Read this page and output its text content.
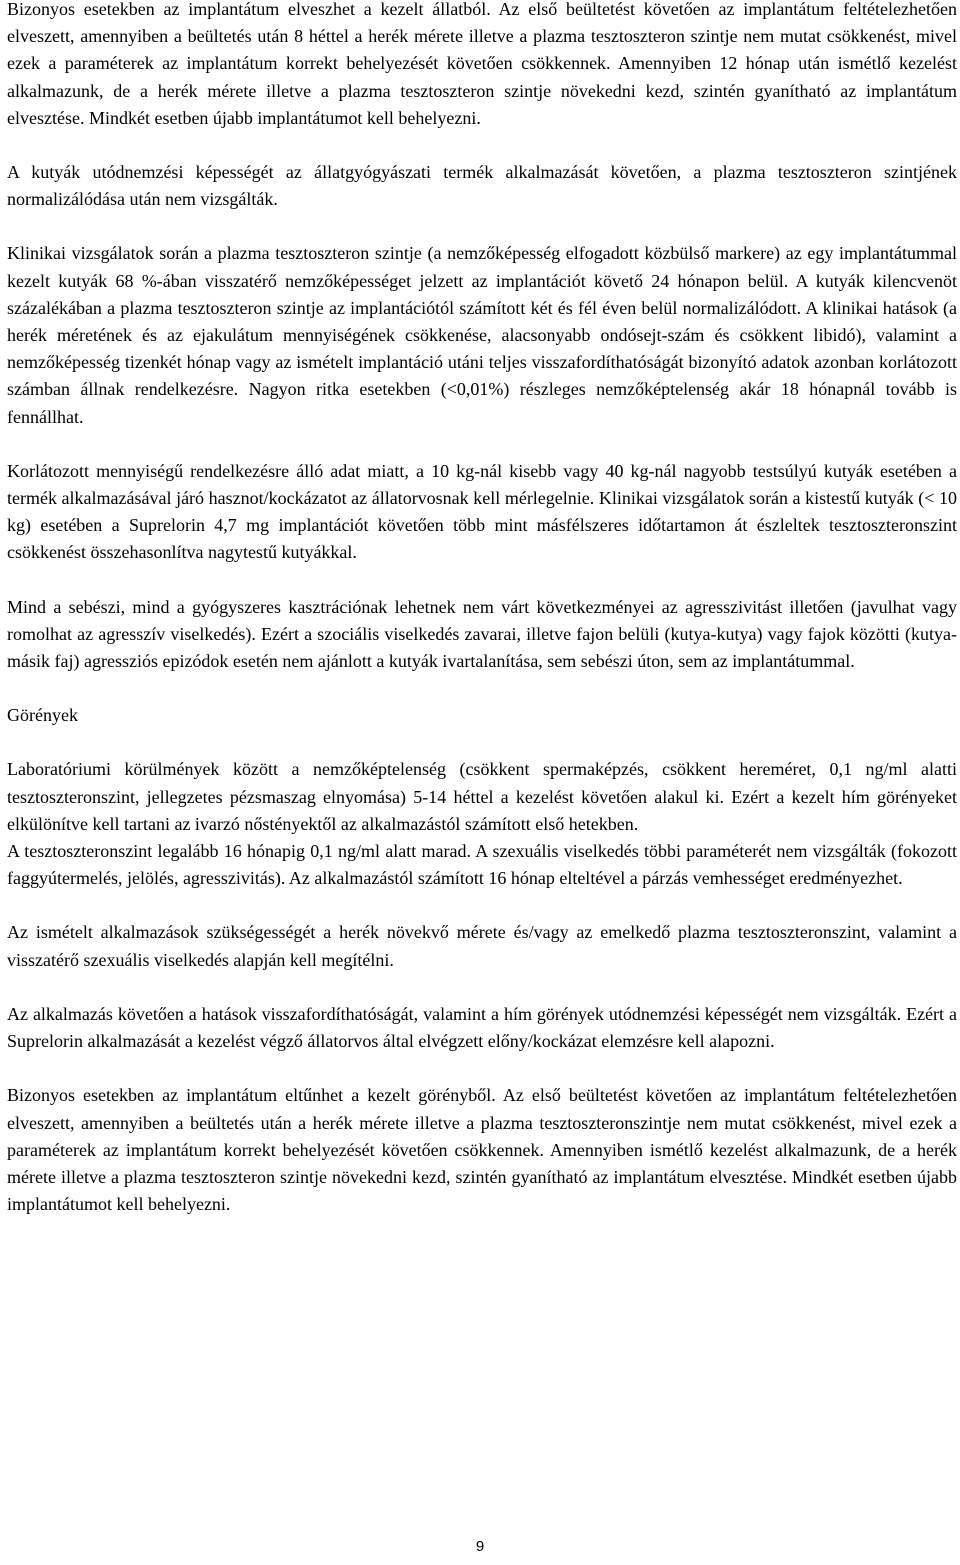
Bizonyos esetekben az implantátum elveszhet a kezelt állatból. Az első beültetést követően az implantátum feltételezhetően elveszett, amennyiben a beültetés után 8 héttel a herék mérete illetve a plazma tesztoszteron szintje nem mutat csökkenést, mivel ezek a paraméterek az implantátum korrekt behelyezését követően csökkennek. Amennyiben 12 hónap után ismétlő kezelést alkalmazunk, de a herék mérete illetve a plazma tesztoszteron szintje növekedni kezd, szintén gyanítható az implantátum elvesztése. Mindkét esetben újabb implantátumot kell behelyezni.

A kutyák utódnemzési képességét az állatgyógyászati termék alkalmazását követően, a plazma tesztoszteron szintjének normalizálódása után nem vizsgálták.

Klinikai vizsgálatok során a plazma tesztoszteron szintje (a nemzőképesség elfogadott közbülső markere) az egy implantátummal kezelt kutyák 68 %-ában visszatérő nemzőképességet jelzett az implantációt követő 24 hónapon belül. A kutyák kilencvenöt százalékában a plazma tesztoszteron szintje az implantációtól számított két és fél éven belül normalizálódott. A klinikai hatások (a herék méretének és az ejakulátum mennyiségének csökkenése, alacsonyabb ondósejt-szám és csökkent libidó), valamint a nemzőképesség tizenkét hónap vagy az ismételt implantáció utáni teljes visszafordíthatóságát bizonyító adatok azonban korlátozott számban állnak rendelkezésre. Nagyon ritka esetekben (<0,01%) részleges nemzőképtelenség akár 18 hónapnál tovább is fennállhat.

Korlátozott mennyiségű rendelkezésre álló adat miatt, a 10 kg-nál kisebb vagy 40 kg-nál nagyobb testsúlyú kutyák esetében a termék alkalmazásával járó hasznot/kockázatot az állatorvosnak kell mérlegelnie. Klinikai vizsgálatok során a kistestű kutyák (< 10 kg) esetében a Suprelorin 4,7 mg implantációt követően több mint másfélszeres időtartamon át észleltek tesztoszteronszint csökkenést összehasonlítva nagytestű kutyákkal.

Mind a sebészi, mind a gyógyszeres kasztrációnak lehetnek nem várt következményei az agresszivitást illetően (javulhat vagy romolhat az agresszív viselkedés). Ezért a szociális viselkedés zavarai, illetve fajon belüli (kutya-kutya) vagy fajok közötti (kutya-másik faj) agressziós epizódok esetén nem ajánlott a kutyák ivartalanítása, sem sebészi úton, sem az implantátummal.

Görények

Laboratóriumi körülmények között a nemzőképtelenség (csökkent spermaképzés, csökkent hereméret, 0,1 ng/ml alatti tesztoszteronszint, jellegzetes pézsmaszag elnyomása) 5-14 héttel a kezelést követően alakul ki. Ezért a kezelt hím görényeket elkülönítve kell tartani az ivarzó nőstényektől az alkalmazástól számított első hetekben.

A tesztoszteronszint legalább 16 hónapig 0,1 ng/ml alatt marad. A szexuális viselkedés többi paraméterét nem vizsgálták (fokozott faggyútermelés, jelölés, agresszivitás). Az alkalmazástól számított 16 hónap elteltével a párzás vemhességet eredményezhet.

Az ismételt alkalmazások szükségességét a herék növekvő mérete és/vagy az emelkedő plazma tesztoszteronszint, valamint a visszatérő szexuális viselkedés alapján kell megítélni.

Az alkalmazás követően a hatások visszafordíthatóságát, valamint a hím görények utódnemzési képességét nem vizsgálták. Ezért a Suprelorin alkalmazását a kezelést végző állatorvos által elvégzett előny/kockázat elemzésre kell alapozni.

Bizonyos esetekben az implantátum eltűnhet a kezelt görényből. Az első beültetést követően az implantátum feltételezhetően elveszett, amennyiben a beültetés után a herék mérete illetve a plazma tesztoszteronszintje nem mutat csökkenést, mivel ezek a paraméterek az implantátum korrekt behelyezését követően csökkennek. Amennyiben ismétlő kezelést alkalmazunk, de a herék mérete illetve a plazma tesztoszteron szintje növekedni kezd, szintén gyanítható az implantátum elvesztése. Mindkét esetben újabb implantátumot kell behelyezni.

9
